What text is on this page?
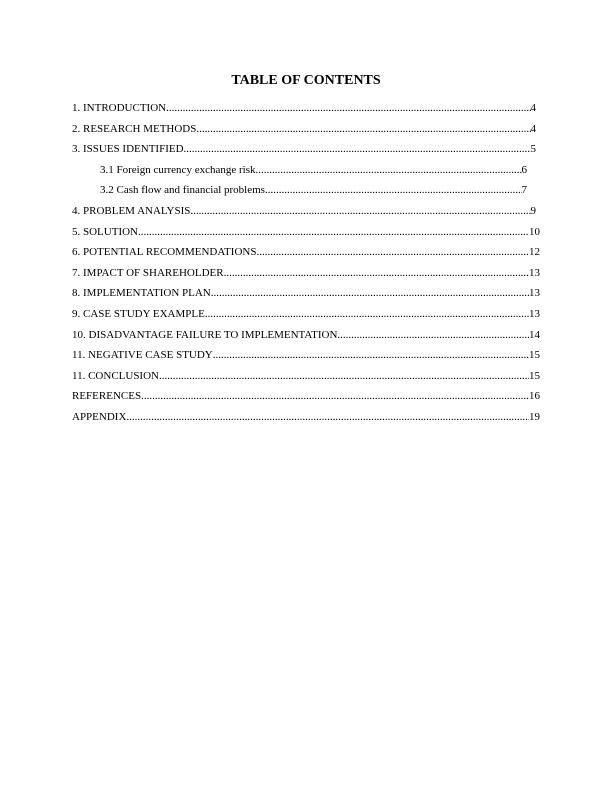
TABLE OF CONTENTS
1. INTRODUCTION .....	4
2. RESEARCH METHODS .....	4
3. ISSUES IDENTIFIED .....	5
3.1 Foreign currency exchange risk .....	6
3.2 Cash flow and financial problems .....	7
4. PROBLEM ANALYSIS .....	9
5. SOLUTION .....	10
6. POTENTIAL RECOMMENDATIONS .....	12
7. IMPACT OF SHAREHOLDER .....	13
8. IMPLEMENTATION PLAN .....	13
9. CASE STUDY EXAMPLE .....	13
10. DISADVANTAGE FAILURE TO IMPLEMENTATION .....	14
11. NEGATIVE CASE STUDY .....	15
11. CONCLUSION .....	15
REFERENCES .....	16
APPENDIX .....	19
